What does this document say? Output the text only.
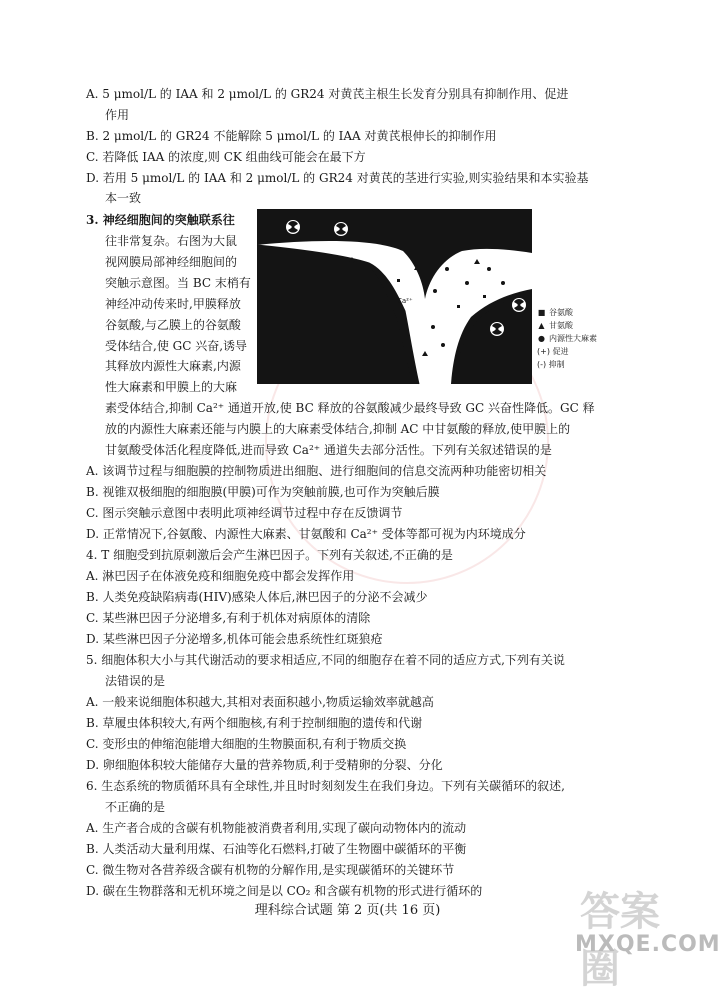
A. 5 μmol/L 的 IAA 和 2 μmol/L 的 GR24 对黄芪主根生长发育分别具有抑制作用、促进
作用
B. 2 μmol/L 的 GR24 不能解除 5 μmol/L 的 IAA 对黄芪根伸长的抑制作用
C. 若降低 IAA 的浓度,则 CK 组曲线可能会在最下方
D. 若用 5 μmol/L 的 IAA 和 2 μmol/L 的 GR24 对黄芪的茎进行实验,则实验结果和本实验基
本一致
3. 神经细胞间的突触联系往
往非常复杂。右图为大鼠
视网膜局部神经细胞间的
突触示意图。当 BC 末梢有
神经冲动传来时,甲膜释放
谷氨酸,与乙膜上的谷氨酸
受体结合,使 GC 兴奋,诱导
其释放内源性大麻素,内源
性大麻素和甲膜上的大麻
素受体结合,抑制 Ca²⁺ 通道开放,使 BC 释放的谷氨酸减少最终导致 GC 兴奋性降低。GC 释
放的内源性大麻素还能与内膜上的大麻素受体结合,抑制 AC 中甘氨酸的释放,使甲膜上的
甘氨酸受体活化程度降低,进而导致 Ca²⁺ 通道失去部分活性。下列有关叙述错误的是
A. 该调节过程与细胞膜的控制物质进出细胞、进行细胞间的信息交流两种功能密切相关
B. 视锥双极细胞的细胞膜(甲膜)可作为突触前膜,也可作为突触后膜
C. 图示突触示意图中表明此项神经调节过程中存在反馈调节
D. 正常情况下,谷氨酸、内源性大麻素、甘氨酸和 Ca²⁺ 受体等都可视为内环境成分
4. T 细胞受到抗原刺激后会产生淋巴因子。下列有关叙述,不正确的是
A. 淋巴因子在体液免疫和细胞免疫中都会发挥作用
B. 人类免疫缺陷病毒(HIV)感染人体后,淋巴因子的分泌不会减少
C. 某些淋巴因子分泌增多,有利于机体对病原体的清除
D. 某些淋巴因子分泌增多,机体可能会患系统性红斑狼疮
5. 细胞体积大小与其代谢活动的要求相适应,不同的细胞存在着不同的适应方式,下列有关说
法错误的是
A. 一般来说细胞体积越大,其相对表面积越小,物质运输效率就越高
B. 草履虫体积较大,有两个细胞核,有利于控制细胞的遗传和代谢
C. 变形虫的伸缩泡能增大细胞的生物膜面积,有利于物质交换
D. 卵细胞体积较大能储存大量的营养物质,利于受精卵的分裂、分化
6. 生态系统的物质循环具有全球性,并且时时刻刻发生在我们身边。下列有关碳循环的叙述,
不正确的是
A. 生产者合成的含碳有机物能被消费者利用,实现了碳向动物体内的流动
B. 人类活动大量利用煤、石油等化石燃料,打破了生物圈中碳循环的平衡
C. 微生物对各营养级含碳有机物的分解作用,是实现碳循环的关键环节
D. 碳在生物群落和无机环境之间是以 CO₂ 和含碳有机物的形式进行循环的
Ca²⁺
■ 谷氨酸
▲ 甘氨酸
● 内源性大麻素
(+) 促进
(-) 抑制
理科综合试题 第 2 页(共 16 页)	答案圈
MXQE.COM
